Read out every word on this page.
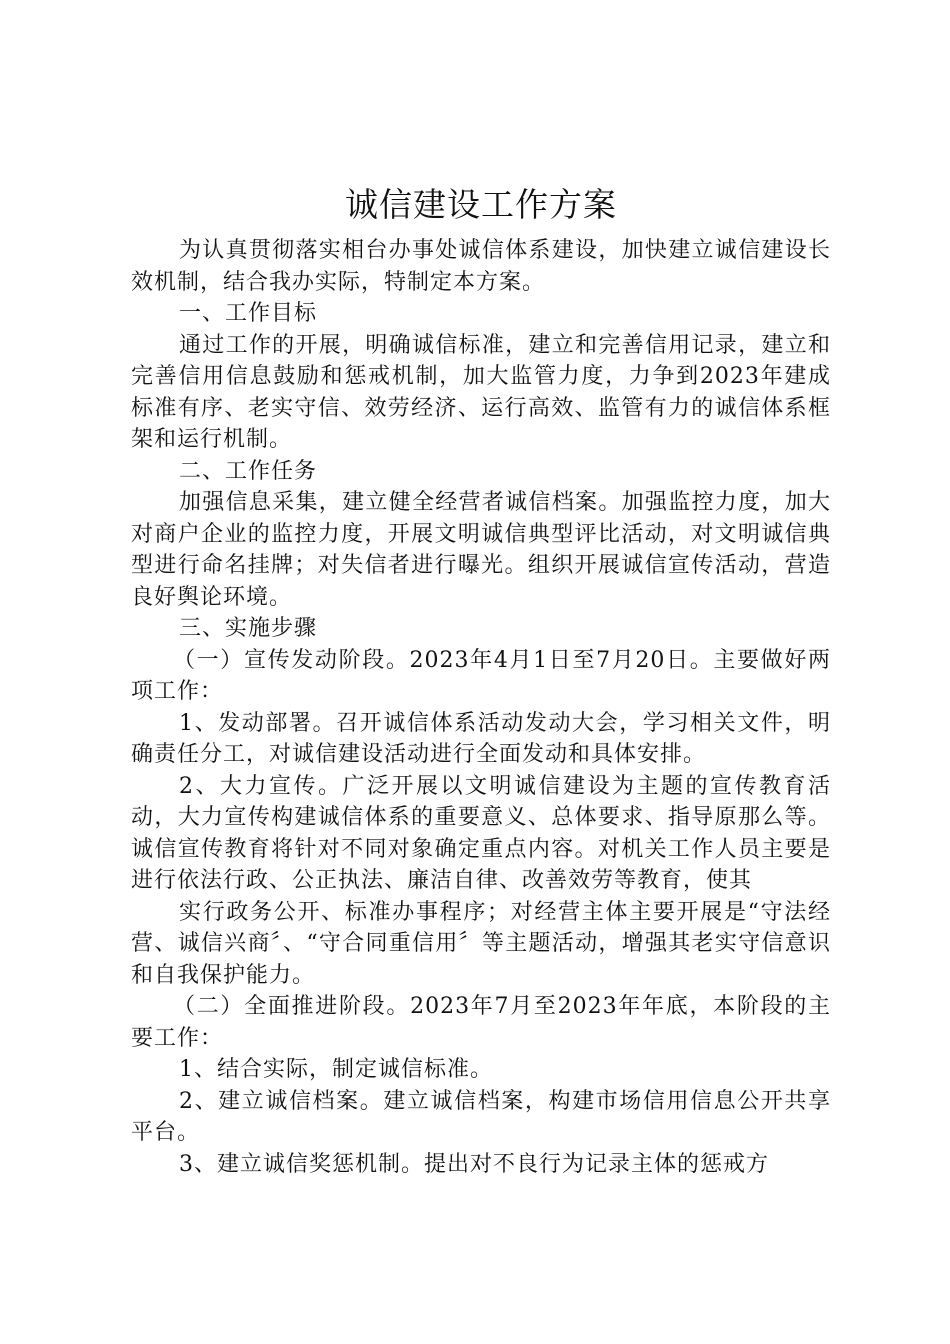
诚信建设工作方案

为认真贯彻落实相台办事处诚信体系建设，加快建立诚信建设长效机制，结合我办实际，特制定本方案。

一、工作目标

通过工作的开展，明确诚信标准，建立和完善信用记录，建立和完善信用信息鼓励和惩戒机制，加大监管力度，力争到2023年建成标准有序、老实守信、效劳经济、运行高效、监管有力的诚信体系框架和运行机制。

二、工作任务

加强信息采集，建立健全经营者诚信档案。加强监控力度，加大对商户企业的监控力度，开展文明诚信典型评比活动，对文明诚信典型进行命名挂牌；对失信者进行曝光。组织开展诚信宣传活动，营造良好舆论环境。

三、实施步骤

（一）宣传发动阶段。2023年4月1日至7月20日。主要做好两项工作：

1、发动部署。召开诚信体系活动发动大会，学习相关文件，明确责任分工，对诚信建设活动进行全面发动和具体安排。

2、大力宣传。广泛开展以文明诚信建设为主题的宣传教育活动，大力宣传构建诚信体系的重要意义、总体要求、指导原那么等。诚信宣传教育将针对不同对象确定重点内容。对机关工作人员主要是进行依法行政、公正执法、廉洁自律、改善效劳等教育，使其

实行政务公开、标准办事程序；对经营主体主要开展是“守法经营、诚信兴商〞、“守合同重信用〞等主题活动，增强其老实守信意识和自我保护能力。

（二）全面推进阶段。2023年7月至2023年年底，本阶段的主要工作：

1、结合实际，制定诚信标准。

2、建立诚信档案。建立诚信档案，构建市场信用信息公开共享平台。

3、建立诚信奖惩机制。提出对不良行为记录主体的惩戒方
